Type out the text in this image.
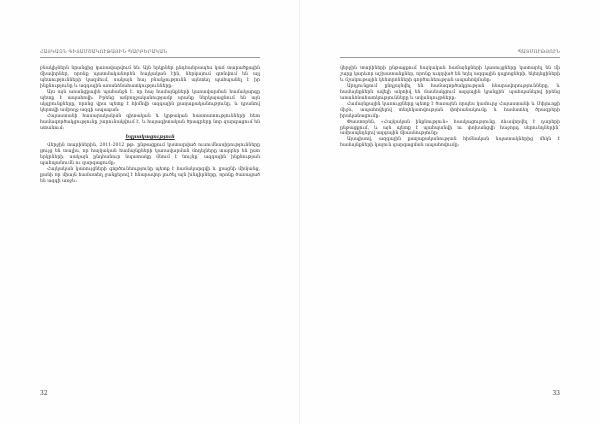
ՀԱՅԿԱԶՆ ԳԻՏԱՄՇԱԿՈՒԹԱՅԻՆ ՊԱՐԲԵՐԱԿԱՆ

բնակիչներն նրանցից կառավարվում են: Այն երկրներ ընդհանրապես կամ տարածքային միավորներ, որոնք պատմականորեն հայկական էին, ներկայում գտնվում են այլ պետությունների կազմում, սակայն հայ բնակչությունն այնտեղ պահպանել է իր ինքնությունը և ազգային առանձնահատկությունները:

Այս այն առանցքային պահանջն է, որ հայ համայնքների կառավարման համակարգը պետք է ապահովի: Իրենց ամբողջականությամբ սրանք ներկայացնում են այն սկզբունքները, որոնց վրա պետք է հիմնվի ազգային քաղաքականությունը, և դրանով կերտվի ամբողջ ազգի ապագան:

Հայաստանի հասարակական գիտական և կրթական հաստատությունների հետ համագործակցությունը շարունակվում է, և հայագիտական ծրագրերը նոր զարգացում են ստանում:

Եզրակացություն

Վերջին տարիներին, 2011-2012 թթ. ընթացքում կատարված ուսումնասիրությունները ցույց են տալիս, որ հայկական համայնքների կառավարման մոդելները տարբեր են ըստ երկրների, սակայն ընդհանուր նպատակը մնում է նույնը՝ ազգային ինքնության պահպանումն ու զարգացումը:

Հայկական կառույցների գործունեությունը պետք է համակարգվի և լրացնի միմյանց, քանի որ միայն համատեղ ջանքերով է հնարավոր լուծել այն խնդիրները, որոնք ծառացած են ազգի առջև:

32
ՊԱՏՄՈՒԹՅՈՒՆ

վերջին տարիների ընթացքում հայկական համայնքների կառույցները կատարել են մի շարք կարևոր աշխատանքներ, որոնք ուղղված են եղել ազգային դպրոցների, եկեղեցիների և մշակութային կենտրոնների գործունեության ապահովմանը:

Արդյունքում ընդլայնվել են համագործակցության հնարավորությունները, և համայնքներն ավելի ակտիվ են մասնակցում ազգային կյանքին՝ պահպանելով իրենց առանձնահատկությունները և ավանդույթները:

Համայնքային կառույցները պետք է ծառայեն որպես կամուրջ Հայաստանի և Սփյուռքի միջև, ապահովելով տեղեկատվության փոխանակումը և համատեղ ծրագրերի իրականացումը:

Փաստորեն, «Հայկական ինքնություն» հասկացությունը ձևավորվել է դարերի ընթացքում, և այն պետք է պահպանվի ու փոխանցվի հաջորդ սերունդներին՝ ամրապնդելով ազգային միասնությունը:

Այսպիսով, ազգային քաղաքականության հիմնական նպատակներից մեկն է համայնքների կայուն զարգացման ապահովումը:

33
